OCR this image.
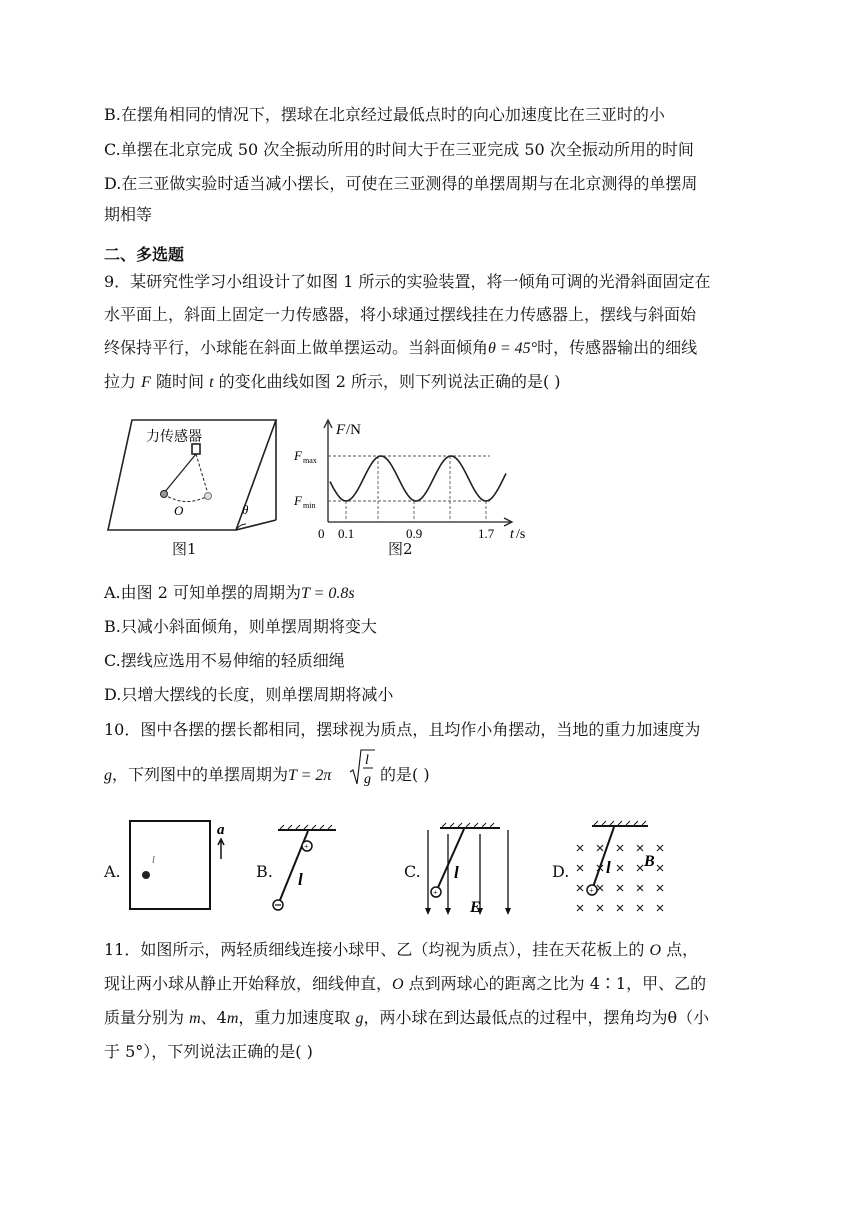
B.在摆角相同的情况下，摆球在北京经过最低点时的向心加速度比在三亚时的小
C.单摆在北京完成 50 次全振动所用的时间大于在三亚完成 50 次全振动所用的时间
D.在三亚做实验时适当减小摆长，可使在三亚测得的单摆周期与在北京测得的单摆周
期相等
二、多选题
9．某研究性学习小组设计了如图 1 所示的实验装置，将一倾角可调的光滑斜面固定在
水平面上，斜面上固定一力传感器，将小球通过摆线挂在力传感器上，摆线与斜面始
终保持平行，小球能在斜面上做单摆运动。当斜面倾角θ = 45°时，传感器输出的细线
拉力 F 随时间 t 的变化曲线如图 2 所示，则下列说法正确的是( )
力传感器
O	θ
图1
F /N
F max
F min
0 0.1	0.9	1.7 t /s
图2
A.由图 2 可知单摆的周期为T = 0.8s
B.只减小斜面倾角，则单摆周期将变大
C.摆线应选用不易伸缩的轻质细绳
D.只增大摆线的长度，则单摆周期将减小
10．图中各摆的摆长都相同，摆球视为质点，且均作小角摆动，当地的重力加速度为
g，下列图中的单摆周期为T = 2π
l
g 的是( )
A.
a
l
B.
+
l	C.
+
l
E
D.
+
l B
11．如图所示，两轻质细线连接小球甲、乙（均视为质点），挂在天花板上的 O 点，
现让两小球从静止开始释放，细线伸直，O 点到两球心的距离之比为 4∶1，甲、乙的
质量分别为 m、4m，重力加速度取 g，两小球在到达最低点的过程中，摆角均为θ（小
于 5°），下列说法正确的是( )
